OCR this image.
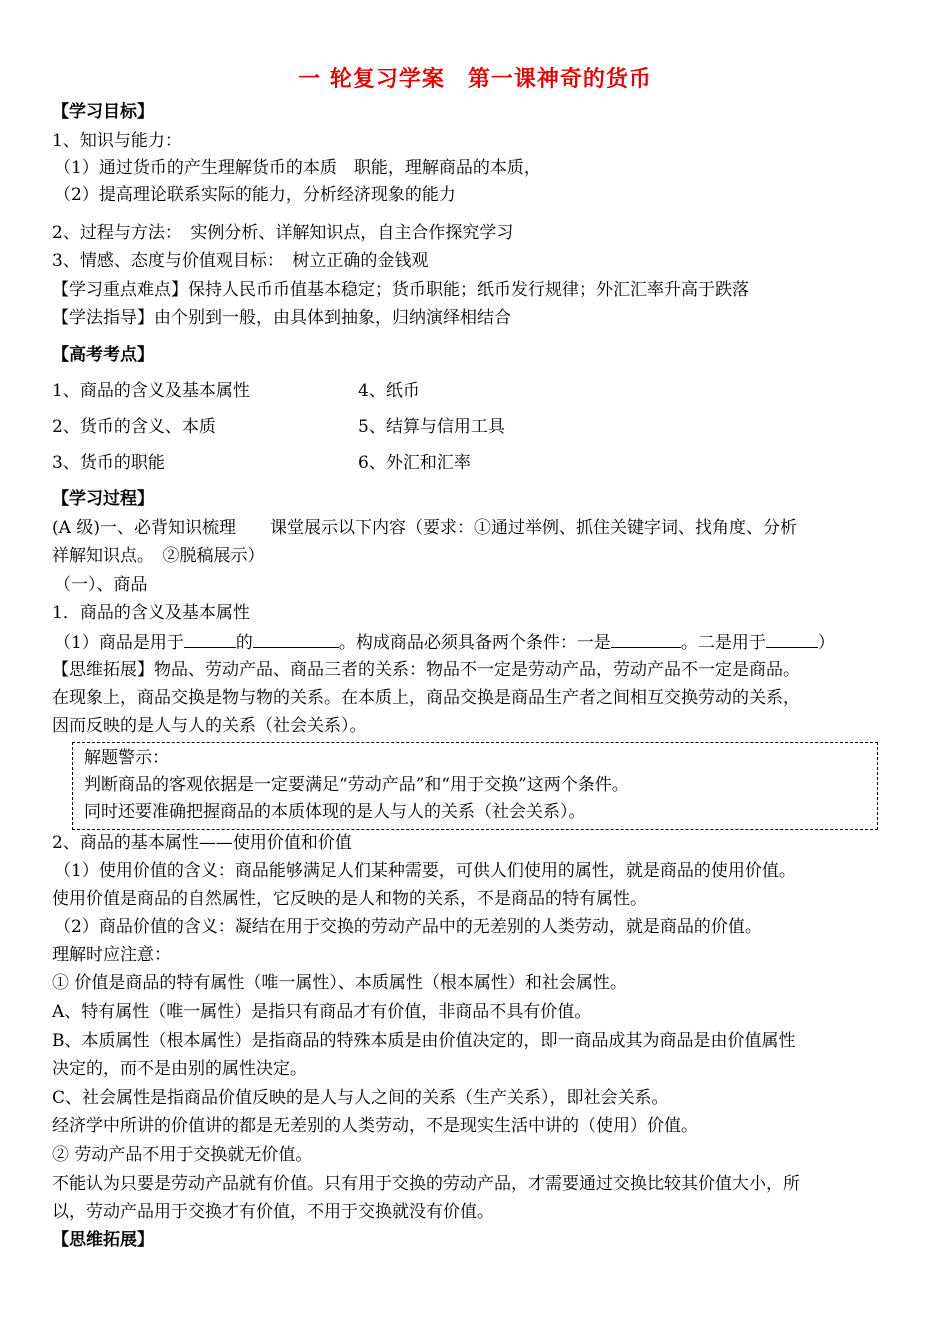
一 轮复习学案　第一课神奇的货币
【学习目标】
1、知识与能力：
（1）通过货币的产生理解货币的本质　职能，理解商品的本质，
（2）提高理论联系实际的能力，分析经济现象的能力
2、过程与方法：　实例分析、详解知识点，自主合作探究学习
3、情感、态度与价值观目标：　树立正确的金钱观
【学习重点难点】保持人民币币值基本稳定；货币职能；纸币发行规律；外汇汇率升高于跌落
【学法指导】由个别到一般，由具体到抽象，归纳演绎相结合
【高考考点】
1、商品的含义及基本属性	4、纸币
2、货币的含义、本质	5、结算与信用工具
3、货币的职能	6、外汇和汇率
【学习过程】
(A 级)一、必背知识梳理　　课堂展示以下内容（要求：①通过举例、抓住关键字词、找角度、分析
祥解知识点。　②脱稿展示）
（一）、商品
1．商品的含义及基本属性
（1）商品是用于	的	。构成商品必须具备两个条件：一是	。二是用于	）
【思维拓展】物品、劳动产品、商品三者的关系：物品不一定是劳动产品，劳动产品不一定是商品。
在现象上，商品交换是物与物的关系。在本质上，商品交换是商品生产者之间相互交换劳动的关系，
因而反映的是人与人的关系（社会关系）。
解题警示：
判断商品的客观依据是一定要满足“劳动产品”和“用于交换”这两个条件。
同时还要准确把握商品的本质体现的是人与人的关系（社会关系）。
2、商品的基本属性——使用价值和价值
（1）使用价值的含义：商品能够满足人们某种需要，可供人们使用的属性，就是商品的使用价值。
使用价值是商品的自然属性，它反映的是人和物的关系，不是商品的特有属性。
（2）商品价值的含义：凝结在用于交换的劳动产品中的无差别的人类劳动，就是商品的价值。
理解时应注意：
① 价值是商品的特有属性（唯一属性）、本质属性（根本属性）和社会属性。
A、特有属性（唯一属性）是指只有商品才有价值，非商品不具有价值。
B、本质属性（根本属性）是指商品的特殊本质是由价值决定的，即一商品成其为商品是由价值属性
决定的，而不是由别的属性决定。
C、社会属性是指商品价值反映的是人与人之间的关系（生产关系），即社会关系。
经济学中所讲的价值讲的都是无差别的人类劳动，不是现实生活中讲的（使用）价值。
② 劳动产品不用于交换就无价值。
不能认为只要是劳动产品就有价值。只有用于交换的劳动产品，才需要通过交换比较其价值大小，所
以，劳动产品用于交换才有价值，不用于交换就没有价值。
【思维拓展】
